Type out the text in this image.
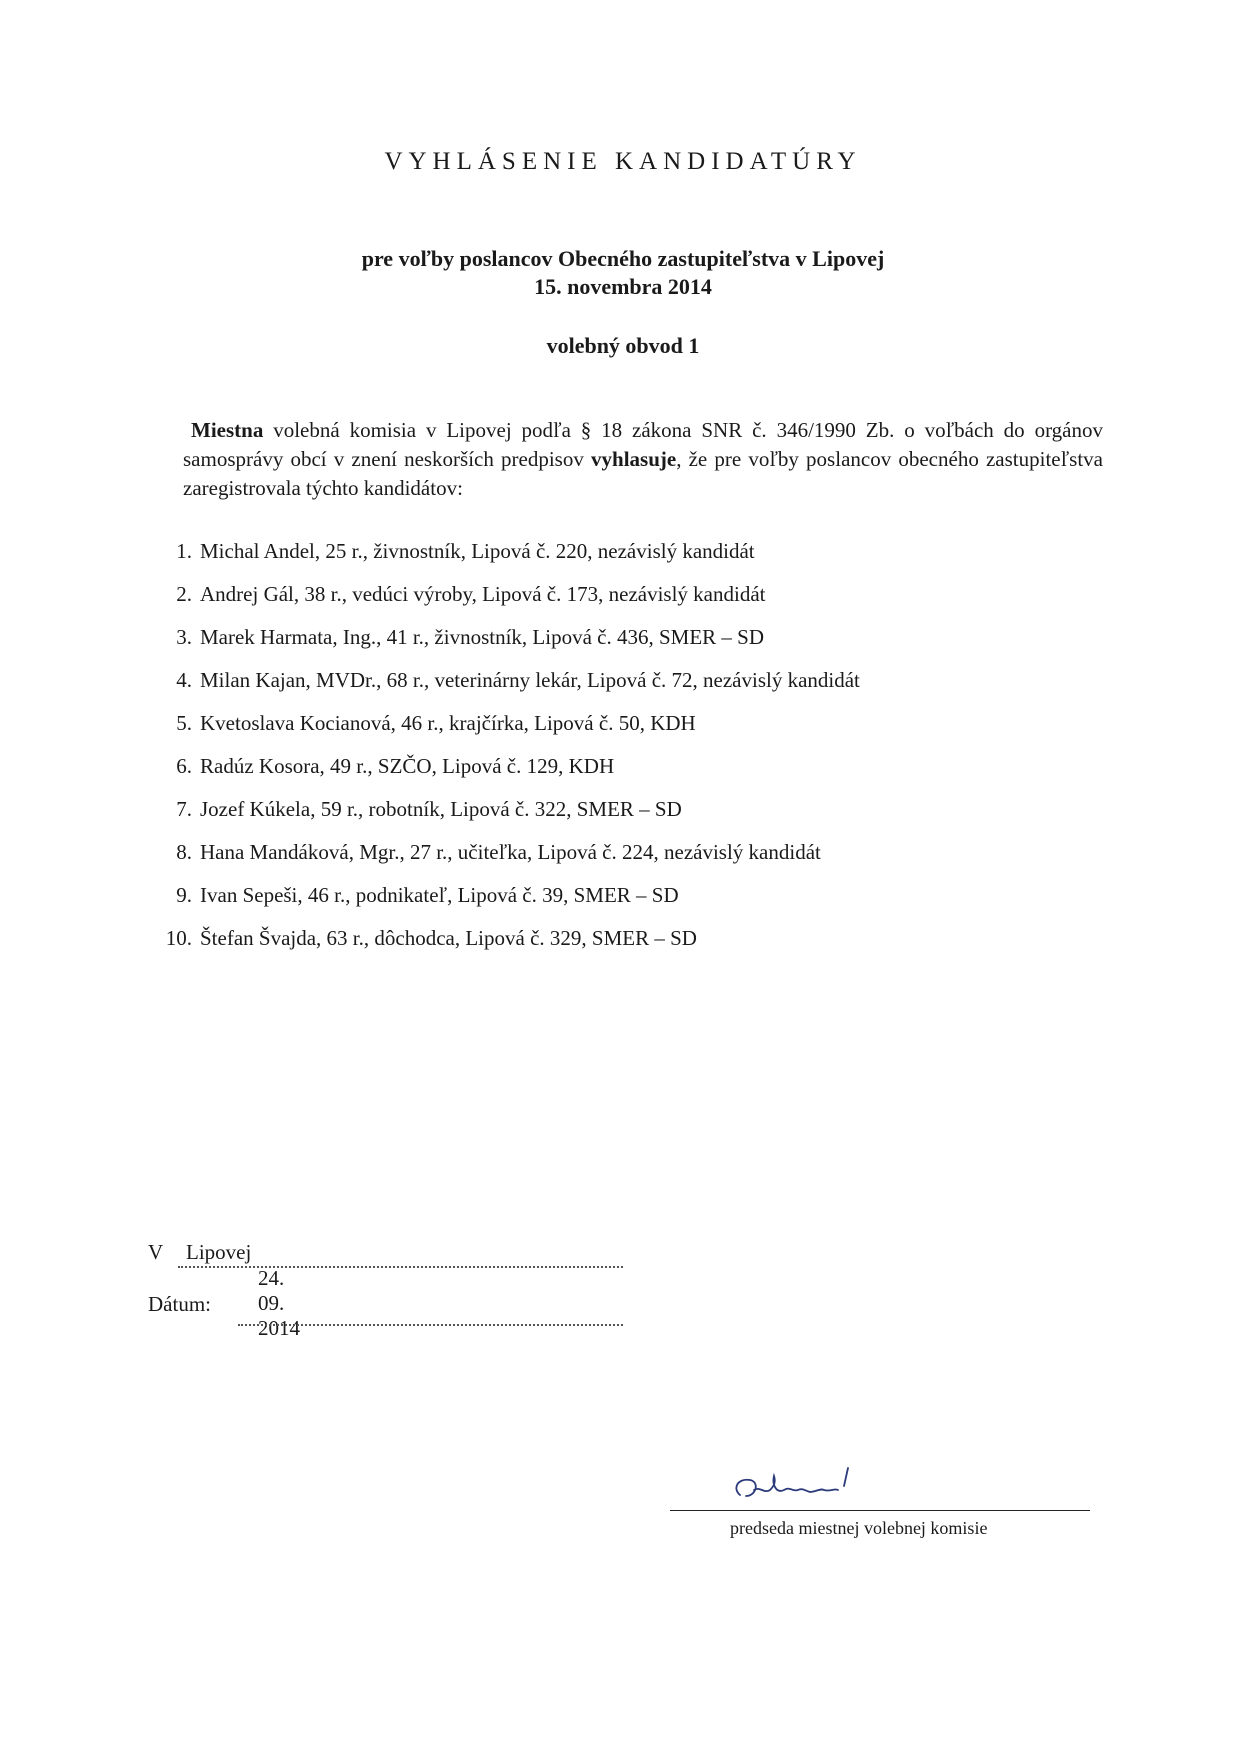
VYHLÁSENIE KANDIDATÚRY
pre voľby poslancov Obecného zastupiteľstva v Lipovej
15. novembra 2014
volebný obvod 1

Miestna volebná komisia v Lipovej podľa § 18 zákona SNR č. 346/1990 Zb. o voľbách do orgánov samosprávy obcí v znení neskorších predpisov vyhlasuje, že pre voľby poslancov obecného zastupiteľstva zaregistrovala týchto kandidátov:

1. Michal Andel, 25 r., živnostník, Lipová č. 220, nezávislý kandidát
2. Andrej Gál, 38 r., vedúci výroby, Lipová č. 173, nezávislý kandidát
3. Marek Harmata, Ing., 41 r., živnostník, Lipová č. 436, SMER – SD
4. Milan Kajan, MVDr., 68 r., veterinárny lekár, Lipová č. 72, nezávislý kandidát
5. Kvetoslava Kocianová, 46 r., krajčírka, Lipová č. 50, KDH
6. Radúz Kosora, 49 r., SZČO, Lipová č. 129, KDH
7. Jozef Kúkela, 59 r., robotník, Lipová č. 322, SMER – SD
8. Hana Mandáková, Mgr., 27 r., učiteľka, Lipová č. 224, nezávislý kandidát
9. Ivan Sepeši, 46 r., podnikateľ, Lipová č. 39, SMER – SD
10. Štefan Švajda, 63 r., dôchodca, Lipová č. 329, SMER – SD
V Lipovej
24. 09. 2014
Dátum:
predseda miestnej volebnej komisie
